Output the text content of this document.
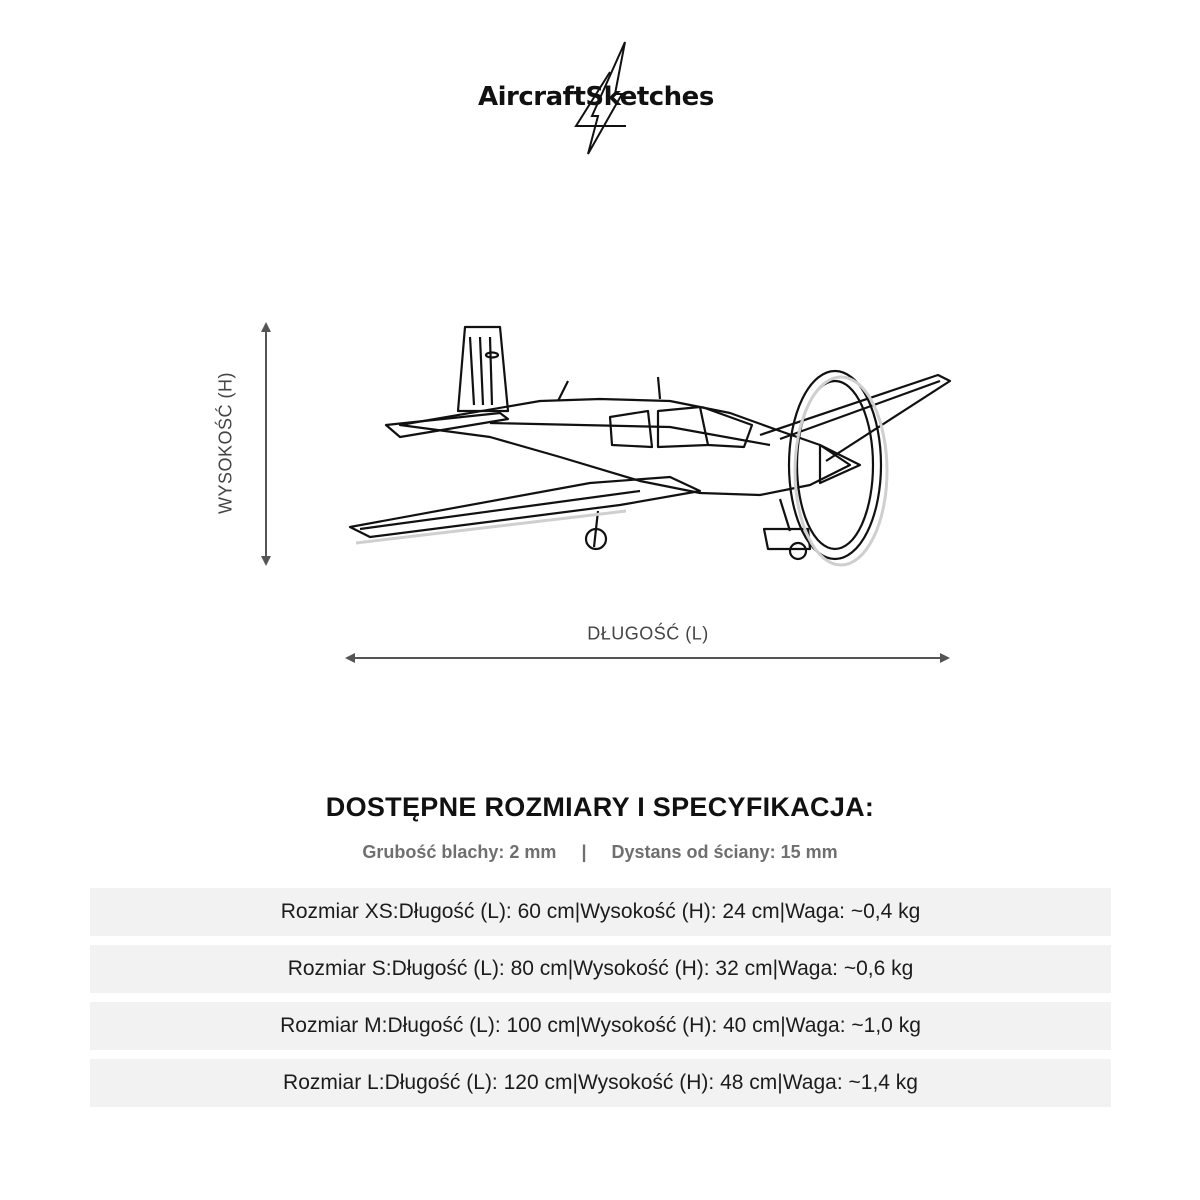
AircraftSketches
WYSOKOŚĆ (H)
DŁUGOŚĆ (L)
DOSTĘPNE ROZMIARY I SPECYFIKACJA:
Grubość blachy: 2 mm | Dystans od ściany: 15 mm
Rozmiar XS: Długość (L): 60 cm | Wysokość (H): 24 cm | Waga: ~0,4 kg
Rozmiar S: Długość (L): 80 cm | Wysokość (H): 32 cm | Waga: ~0,6 kg
Rozmiar M: Długość (L): 100 cm | Wysokość (H): 40 cm | Waga: ~1,0 kg
Rozmiar L: Długość (L): 120 cm | Wysokość (H): 48 cm | Waga: ~1,4 kg
